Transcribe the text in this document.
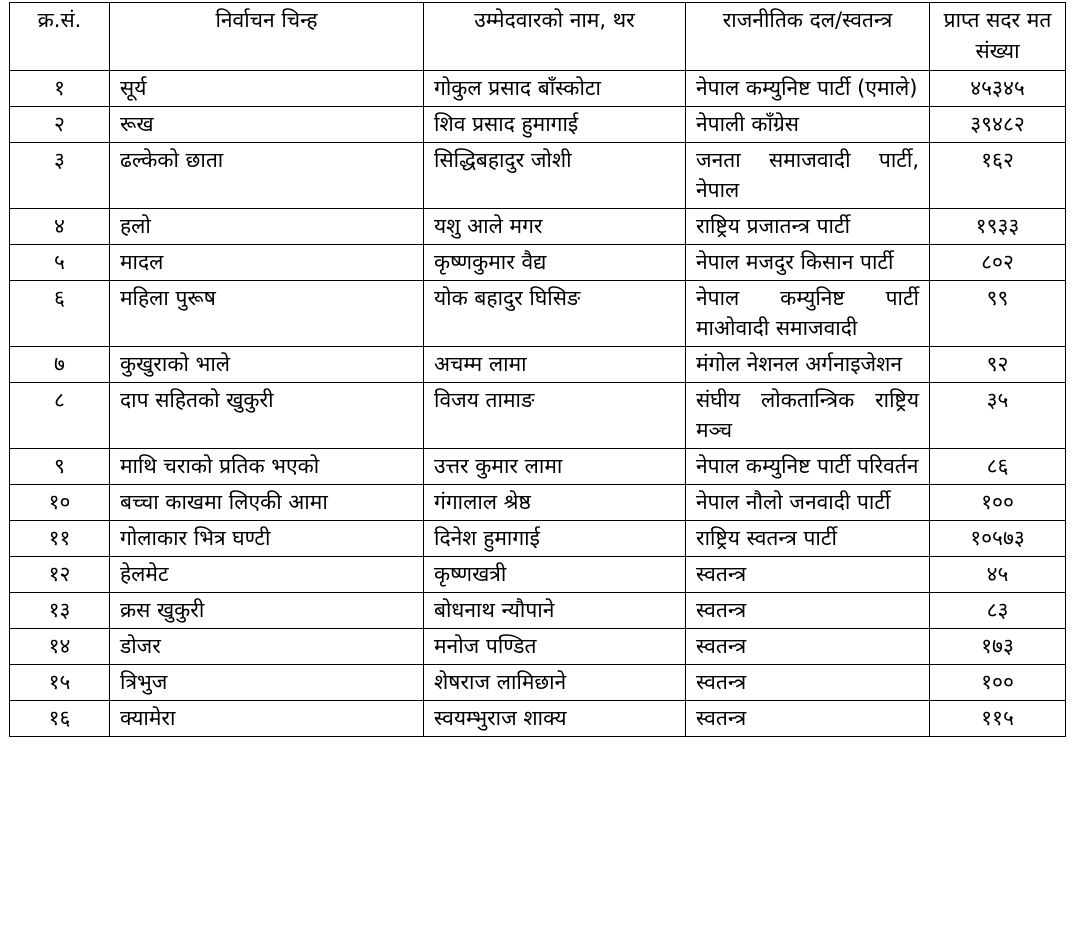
क्र.सं.	निर्वाचन चिन्ह	उम्मेदवारको नाम, थर	राजनीतिक दल/स्वतन्त्र	प्राप्त सदर मत संख्या
१	सूर्य	गोकुल प्रसाद बाँस्कोटा	नेपाल कम्युनिष्ट पार्टी (एमाले)	४५३४५
२	रूख	शिव प्रसाद हुमागाई	नेपाली काँग्रेस	३९४८२
३	ढल्केको छाता	सिद्धिबहादुर जोशी	जनता समाजवादी पार्टी, नेपाल	१६२
४	हलो	यशु आले मगर	राष्ट्रिय प्रजातन्त्र पार्टी	१९३३
५	मादल	कृष्णकुमार वैद्य	नेपाल मजदुर किसान पार्टी	८०२
६	महिला पुरूष	योक बहादुर घिसिङ	नेपाल कम्युनिष्ट पार्टी माओवादी समाजवादी	९९
७	कुखुराको भाले	अचम्म लामा	मंगोल नेशनल अर्गनाइजेशन	९२
८	दाप सहितको खुकुरी	विजय तामाङ	संघीय लोकतान्त्रिक राष्ट्रिय मञ्च	३५
९	माथि चराको प्रतिक भएको	उत्तर कुमार लामा	नेपाल कम्युनिष्ट पार्टी परिवर्तन	८६
१०	बच्चा काखमा लिएकी आमा	गंगालाल श्रेष्ठ	नेपाल नौलो जनवादी पार्टी	१००
११	गोलाकार भित्र घण्टी	दिनेश हुमागाई	राष्ट्रिय स्वतन्त्र पार्टी	१०५७३
१२	हेलमेट	कृष्णखत्री	स्वतन्त्र	४५
१३	क्रस खुकुरी	बोधनाथ न्यौपाने	स्वतन्त्र	८३
१४	डोजर	मनोज पण्डित	स्वतन्त्र	१७३
१५	त्रिभुज	शेषराज लामिछाने	स्वतन्त्र	१००
१६	क्यामेरा	स्वयम्भुराज शाक्य	स्वतन्त्र	११५
